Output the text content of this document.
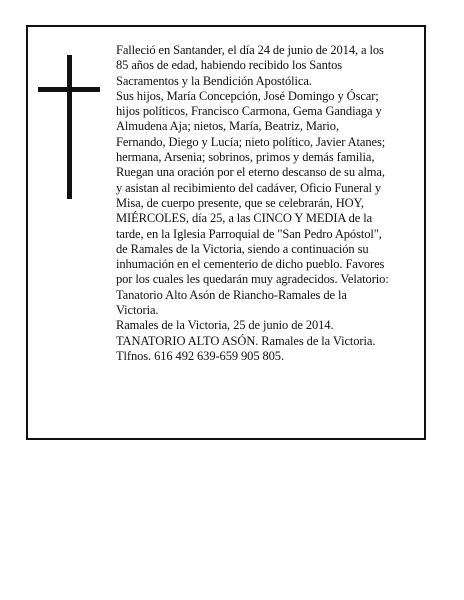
Falleció en Santander, el día 24 de junio de 2014, a los
85 años de edad, habiendo recibido los Santos
Sacramentos y la Bendición Apostólica.

Sus hijos, María Concepción, José Domingo y Óscar;
hijos políticos, Francisco Carmona, Gema Gandiaga y
Almudena Aja; nietos, María, Beatriz, Mario,
Fernando, Diego y Lucía; nieto político, Javier Atanes;
hermana, Arsenia; sobrinos, primos y demás familia,
Ruegan una oración por el eterno descanso de su alma,
y asistan al recibimiento del cadáver, Oficio Funeral y
Misa, de cuerpo presente, que se celebrarán, HOY,
MIÉRCOLES, día 25, a las CINCO Y MEDIA de la
tarde, en la Iglesia Parroquial de "San Pedro Apóstol",
de Ramales de la Victoria, siendo a continuación su
inhumación en el cementerio de dicho pueblo. Favores
por los cuales les quedarán muy agradecidos. Velatorio:
Tanatorio Alto Asón de Riancho-Ramales de la
Victoria.

Ramales de la Victoria, 25 de junio de 2014.

TANATORIO ALTO ASÓN. Ramales de la Victoria.
Tlfnos. 616 492 639-659 905 805.
